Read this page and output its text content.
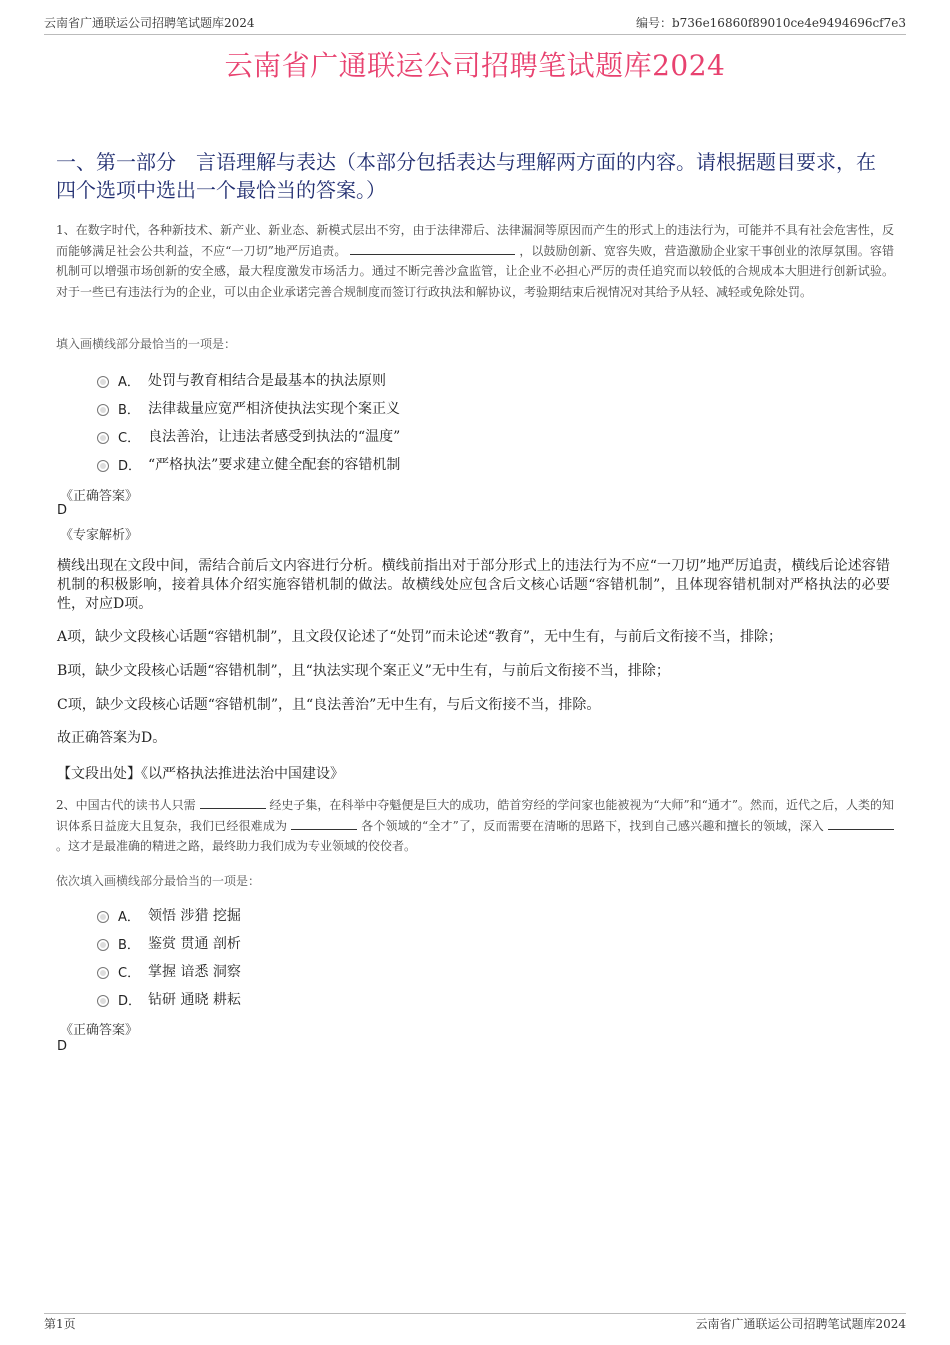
云南省广通联运公司招聘笔试题库2024	编号：b736e16860f89010ce4e9494696cf7e3
云南省广通联运公司招聘笔试题库2024
一、第一部分　言语理解与表达（本部分包括表达与理解两方面的内容。请根据题目要求，在四个选项中选出一个最恰当的答案。）
1、在数字时代，各种新技术、新产业、新业态、新模式层出不穷，由于法律滞后、法律漏洞等原因而产生的形式上的违法行为，可能并不具有社会危害性，反而能够满足社会公共利益，不应“一刀切”地严厉追责。	，以鼓励创新、宽容失败，营造激励企业家干事创业的浓厚氛围。容错机制可以增强市场创新的安全感，最大程度激发市场活力。通过不断完善沙盒监管，让企业不必担心严厉的责任追究而以较低的合规成本大胆进行创新试验。对于一些已有违法行为的企业，可以由企业承诺完善合规制度而签订行政执法和解协议，考验期结束后视情况对其给予从轻、减轻或免除处罚。
填入画横线部分最恰当的一项是：
A． 处罚与教育相结合是最基本的执法原则
B． 法律裁量应宽严相济使执法实现个案正义
C． 良法善治，让违法者感受到执法的“温度”
D． “严格执法”要求建立健全配套的容错机制
《正确答案》
D
《专家解析》
横线出现在文段中间，需结合前后文内容进行分析。横线前指出对于部分形式上的违法行为不应“一刀切”地严厉追责，横线后论述容错机制的积极影响，接着具体介绍实施容错机制的做法。故横线处应包含后文核心话题“容错机制”，且体现容错机制对严格执法的必要性，对应D项。
A项，缺少文段核心话题“容错机制”，且文段仅论述了“处罚”而未论述“教育”，无中生有，与前后文衔接不当，排除；
B项，缺少文段核心话题“容错机制”，且“执法实现个案正义”无中生有，与前后文衔接不当，排除；
C项，缺少文段核心话题“容错机制”，且“良法善治”无中生有，与后文衔接不当，排除。
故正确答案为D。
【文段出处】《以严格执法推进法治中国建设》
2、中国古代的读书人只需	经史子集，在科举中夺魁便是巨大的成功，皓首穷经的学问家也能被视为“大师”和“通才”。然而，近代之后，人类的知识体系日益庞大且复杂，我们已经很难成为	各个领域的“全才”了，反而需要在清晰的思路下，找到自己感兴趣和擅长的领域，深入  。这才是最准确的精进之路，最终助力我们成为专业领域的佼佼者。
依次填入画横线部分最恰当的一项是：
A． 领悟 涉猎 挖掘
B． 鉴赏 贯通 剖析
C． 掌握 谙悉 洞察
D． 钻研 通晓 耕耘
《正确答案》
D
第1页	云南省广通联运公司招聘笔试题库2024
